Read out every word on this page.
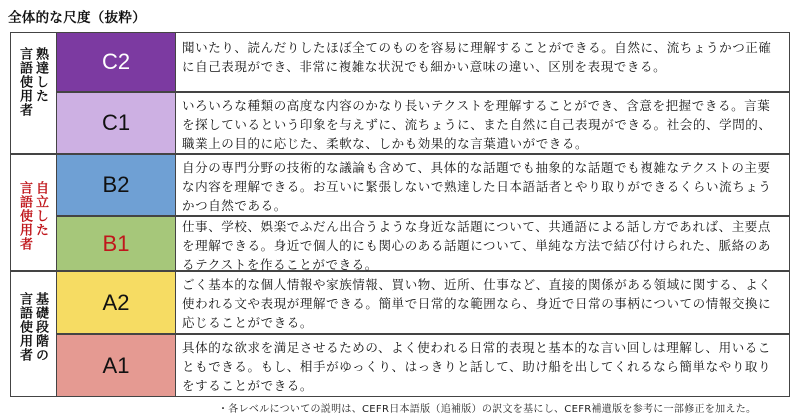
全体的な尺度（抜粋）
熟達した
言語使用者
自立した
言語使用者
基礎段階の
言語使用者
C2
聞いたり、読んだりしたほぼ全てのものを容易に理解することができる。自然に、流ちょうかつ正確に自己表現ができ、非常に複雑な状況でも細かい意味の違い、区別を表現できる。
C1
いろいろな種類の高度な内容のかなり長いテクストを理解することができ、含意を把握できる。言葉を探しているという印象を与えずに、流ちょうに、また自然に自己表現ができる。社会的、学問的、職業上の目的に応じた、柔軟な、しかも効果的な言葉遣いができる。
B2
自分の専門分野の技術的な議論も含めて、具体的な話題でも抽象的な話題でも複雑なテクストの主要な内容を理解できる。お互いに緊張しないで熟達した日本語話者とやり取りができるくらい流ちょうかつ自然である。
B1
仕事、学校、娯楽でふだん出合うような身近な話題について、共通語による話し方であれば、主要点を理解できる。身近で個人的にも関心のある話題について、単純な方法で結び付けられた、脈絡のあるテクストを作ることができる。
A2
ごく基本的な個人情報や家族情報、買い物、近所、仕事など、直接的関係がある領域に関する、よく使われる文や表現が理解できる。簡単で日常的な範囲なら、身近で日常の事柄についての情報交換に応じることができる。
A1
具体的な欲求を満足させるための、よく使われる日常的表現と基本的な言い回しは理解し、用いることもできる。もし、相手がゆっくり、はっきりと話して、助け船を出してくれるなら簡単なやり取りをすることができる。
・各レベルについての説明は、CEFR日本語版（追補版）の訳文を基にし、CEFR補遺版を参考に一部修正を加えた。
